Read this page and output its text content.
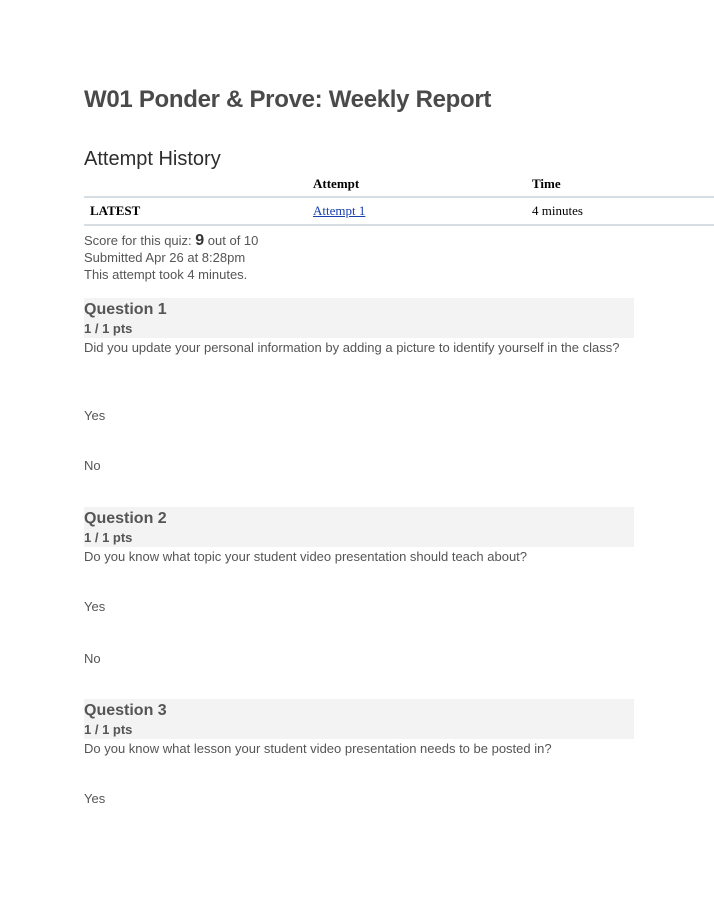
W01 Ponder & Prove: Weekly Report
Attempt History
	Attempt	Time
LATEST	Attempt 1	4 minutes
Score for this quiz: 9 out of 10
Submitted Apr 26 at 8:28pm
This attempt took 4 minutes.
Question 1
1 / 1 pts
Did you update your personal information by adding a picture to identify yourself in the class?
Yes
No
Question 2
1 / 1 pts
Do you know what topic your student video presentation should teach about?
Yes
No
Question 3
1 / 1 pts
Do you know what lesson your student video presentation needs to be posted in?
Yes
